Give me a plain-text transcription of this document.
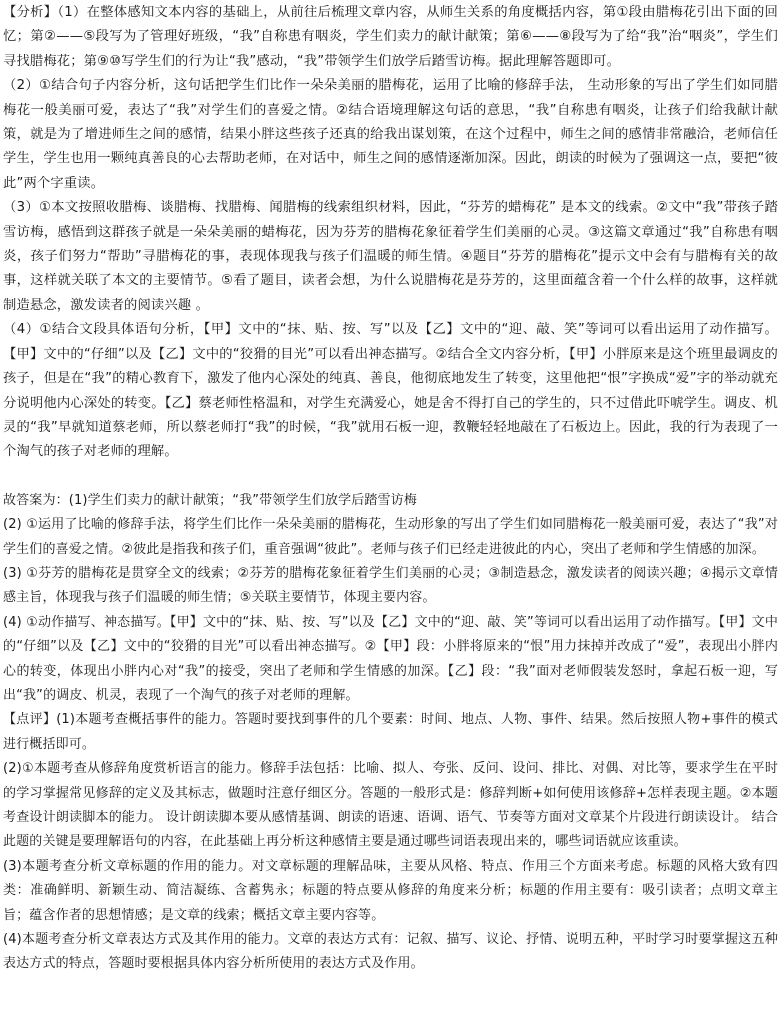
【分析】（1）在整体感知文本内容的基础上，从前往后梳理文章内容，从师生关系的角度概括内容，第①段由腊梅花引出下面的回忆；第②——⑤段写为了管理好班级，“我”自称患有咽炎，学生们卖力的献计献策；第⑥——⑧段写为了给“我”治“咽炎”，学生们寻找腊梅花；第⑨⑩写学生们的行为让“我”感动，“我”带领学生们放学后踏雪访梅。据此理解答题即可。

（2）①结合句子内容分析，这句话把学生们比作一朵朵美丽的腊梅花，运用了比喻的修辞手法， 生动形象的写出了学生们如同腊梅花一般美丽可爱，表达了“我”对学生们的喜爱之情。②结合语境理解这句话的意思，“我”自称患有咽炎，让孩子们给我献计献策，就是为了增进师生之间的感情，结果小胖这些孩子还真的给我出谋划策，在这个过程中，师生之间的感情非常融洽，老师信任学生，学生也用一颗纯真善良的心去帮助老师，在对话中，师生之间的感情逐渐加深。因此，朗读的时候为了强调这一点，要把“彼此”两个字重读。

（3）①本文按照收腊梅、谈腊梅、找腊梅、闻腊梅的线索组织材料，因此，“芬芳的蜡梅花” 是本文的线索。②文中“我”带孩子踏雪访梅，感悟到这群孩子就是一朵朵美丽的蜡梅花，因为芬芳的腊梅花象征着学生们美丽的心灵。③这篇文章通过“我”自称患有咽炎，孩子们努力“帮助”寻腊梅花的事，表现体现我与孩子们温暖的师生情。④题目“芬芳的腊梅花”提示文中会有与腊梅有关的故事，这样就关联了本文的主要情节。⑤看了题目，读者会想，为什么说腊梅花是芬芳的，这里面蕴含着一个什么样的故事，这样就 制造悬念，激发读者的阅读兴趣 。

（4）①结合文段具体语句分析，【甲】文中的“抹、贴、按、写”以及【乙】文中的“迎、敲、笑”等词可以看出运用了动作描写。【甲】文中的“仔细”以及【乙】文中的“狡猾的目光”可以看出神态描写。②结合全文内容分析，【甲】小胖原来是这个班里最调皮的孩子，但是在“我”的精心教育下，激发了他内心深处的纯真、善良，他彻底地发生了转变，这里他把“恨”字换成“爱”字的举动就充分说明他内心深处的转变。【乙】蔡老师性格温和，对学生充满爱心，她是舍不得打自己的学生的，只不过借此吓唬学生。调皮、机灵的“我”早就知道蔡老师，所以蔡老师打“我”的时候，“我”就用石板一迎，教鞭轻轻地敲在了石板边上。因此，我的行为表现了一个淘气的孩子对老师的理解。

故答案为：(1)学生们卖力的献计献策；“我”带领学生们放学后踏雪访梅

(2) ①运用了比喻的修辞手法，将学生们比作一朵朵美丽的腊梅花，生动形象的写出了学生们如同腊梅花一般美丽可爱，表达了“我”对学生们的喜爱之情。②彼此是指我和孩子们，重音强调“彼此”。老师与孩子们已经走进彼此的内心，突出了老师和学生情感的加深。

(3) ①芬芳的腊梅花是贯穿全文的线索；②芬芳的腊梅花象征着学生们美丽的心灵；③制造悬念，激发读者的阅读兴趣；④揭示文章情感主旨，体现我与孩子们温暖的师生情；⑤关联主要情节，体现主要内容。

(4) ①动作描写、神态描写。【甲】文中的“抹、贴、按、写”以及【乙】文中的“迎、敲、笑”等词可以看出运用了动作描写。【甲】文中的“仔细”以及【乙】文中的“狡猾的目光”可以看出神态描写。②【甲】段：小胖将原来的“恨”用力抹掉并改成了“爱”，表现出小胖内心的转变，体现出小胖内心对“我”的接受，突出了老师和学生情感的加深。【乙】段：“我”面对老师假装发怒时，拿起石板一迎，写出“我”的调皮、机灵，表现了一个淘气的孩子对老师的理解。

【点评】(1)本题考查概括事件的能力。答题时要找到事件的几个要素：时间、地点、人物、事件、结果。然后按照人物+事件的模式进行概括即可。

(2)①本题考查从修辞角度赏析语言的能力。修辞手法包括：比喻、拟人、夸张、反问、设问、排比、对偶、对比等，要求学生在平时的学习掌握常见修辞的定义及其标志，做题时注意仔细区分。答题的一般形式是：修辞判断+如何使用该修辞+怎样表现主题。②本题考查设计朗读脚本的能力。 设计朗读脚本要从感情基调、朗读的语速、语调、语气、节奏等方面对文章某个片段进行朗读设计。 结合此题的关键是要理解语句的内容，在此基础上再分析这种感情主要是通过哪些词语表现出来的，哪些词语就应该重读。

(3)本题考查分析文章标题的作用的能力。对文章标题的理解品味，主要从风格、特点、作用三个方面来考虑。标题的风格大致有四类：准确鲜明、新颖生动、简洁凝练、含蓄隽永；标题的特点要从修辞的角度来分析；标题的作用主要有：吸引读者；点明文章主旨；蕴含作者的思想情感；是文章的线索；概括文章主要内容等。

(4)本题考查分析文章表达方式及其作用的能力。文章的表达方式有：记叙、描写、议论、抒情、说明五种，平时学习时要掌握这五种表达方式的特点，答题时要根据具体内容分析所使用的表达方式及作用。
